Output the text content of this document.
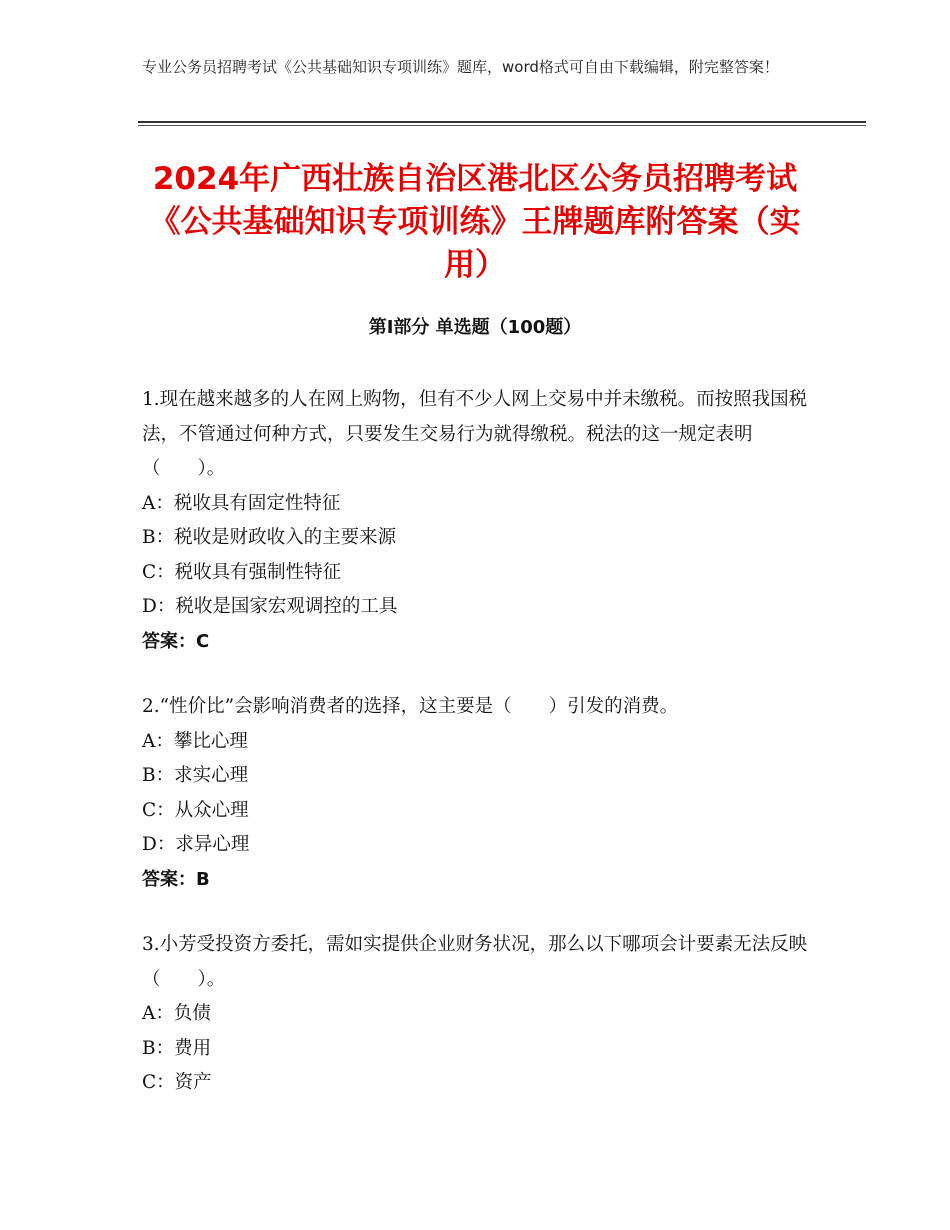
专业公务员招聘考试《公共基础知识专项训练》题库，word格式可自由下载编辑，附完整答案！
2024年广西壮族自治区港北区公务员招聘考试《公共基础知识专项训练》王牌题库附答案（实用）
第I部分 单选题（100题）
1.现在越来越多的人在网上购物，但有不少人网上交易中并未缴税。而按照我国税法，不管通过何种方式，只要发生交易行为就得缴税。税法的这一规定表明（　　）。
A：税收具有固定性特征
B：税收是财政收入的主要来源
C：税收具有强制性特征
D：税收是国家宏观调控的工具
答案：C
2.“性价比”会影响消费者的选择，这主要是（　　）引发的消费。
A：攀比心理
B：求实心理
C：从众心理
D：求异心理
答案：B
3.小芳受投资方委托，需如实提供企业财务状况，那么以下哪项会计要素无法反映（　　）。
A：负债
B：费用
C：资产
